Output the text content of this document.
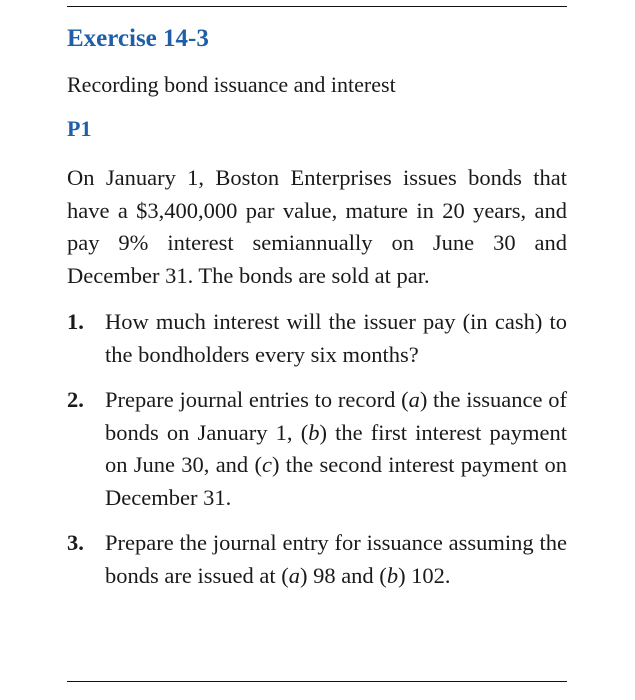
Exercise 14-3
Recording bond issuance and interest
P1
On January 1, Boston Enterprises issues bonds that have a $3,400,000 par value, mature in 20 years, and pay 9% interest semiannually on June 30 and December 31. The bonds are sold at par.
1. How much interest will the issuer pay (in cash) to the bondholders every six months?
2. Prepare journal entries to record (a) the issuance of bonds on January 1, (b) the first interest payment on June 30, and (c) the second interest payment on December 31.
3. Prepare the journal entry for issuance assuming the bonds are issued at (a) 98 and (b) 102.
